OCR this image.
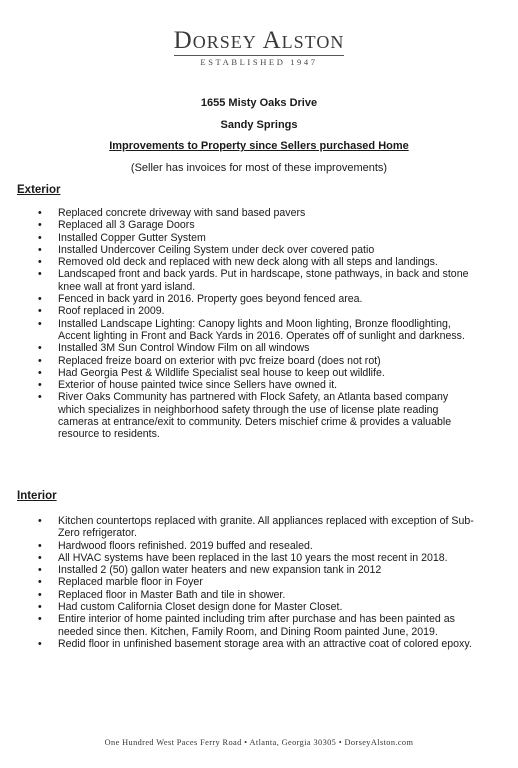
Dorsey Alston
ESTABLISHED 1947
1655 Misty Oaks Drive
Sandy Springs
Improvements to Property since Sellers purchased Home
(Seller has invoices for most of these improvements)
Exterior
• Replaced concrete driveway with sand based pavers
• Replaced all 3 Garage Doors
• Installed Copper Gutter System
• Installed Undercover Ceiling System under deck over covered patio
• Removed old deck and replaced with new deck along with all steps and landings.
• Landscaped front and back yards. Put in hardscape, stone pathways, in back and stone knee wall at front yard island.
• Fenced in back yard in 2016. Property goes beyond fenced area.
• Roof replaced in 2009.
• Installed Landscape Lighting: Canopy lights and Moon lighting, Bronze floodlighting, Accent lighting in Front and Back Yards in 2016. Operates off of sunlight and darkness.
• Installed 3M Sun Control Window Film on all windows
• Replaced freize board on exterior with pvc freize board (does not rot)
• Had Georgia Pest & Wildlife Specialist seal house to keep out wildlife.
• Exterior of house painted twice since Sellers have owned it.
• River Oaks Community has partnered with Flock Safety, an Atlanta based company which specializes in neighborhood safety through the use of license plate reading cameras at entrance/exit to community. Deters mischief crime & provides a valuable resource to residents.
Interior
• Kitchen countertops replaced with granite. All appliances replaced with exception of Sub-Zero refrigerator.
• Hardwood floors refinished. 2019 buffed and resealed.
• All HVAC systems have been replaced in the last 10 years the most recent in 2018.
• Installed 2 (50) gallon water heaters and new expansion tank in 2012
• Replaced marble floor in Foyer
• Replaced floor in Master Bath and tile in shower.
• Had custom California Closet design done for Master Closet.
• Entire interior of home painted including trim after purchase and has been painted as needed since then. Kitchen, Family Room, and Dining Room painted June, 2019.
• Redid floor in unfinished basement storage area with an attractive coat of colored epoxy.
One Hundred West Paces Ferry Road • Atlanta, Georgia 30305 • DorseyAlston.com
